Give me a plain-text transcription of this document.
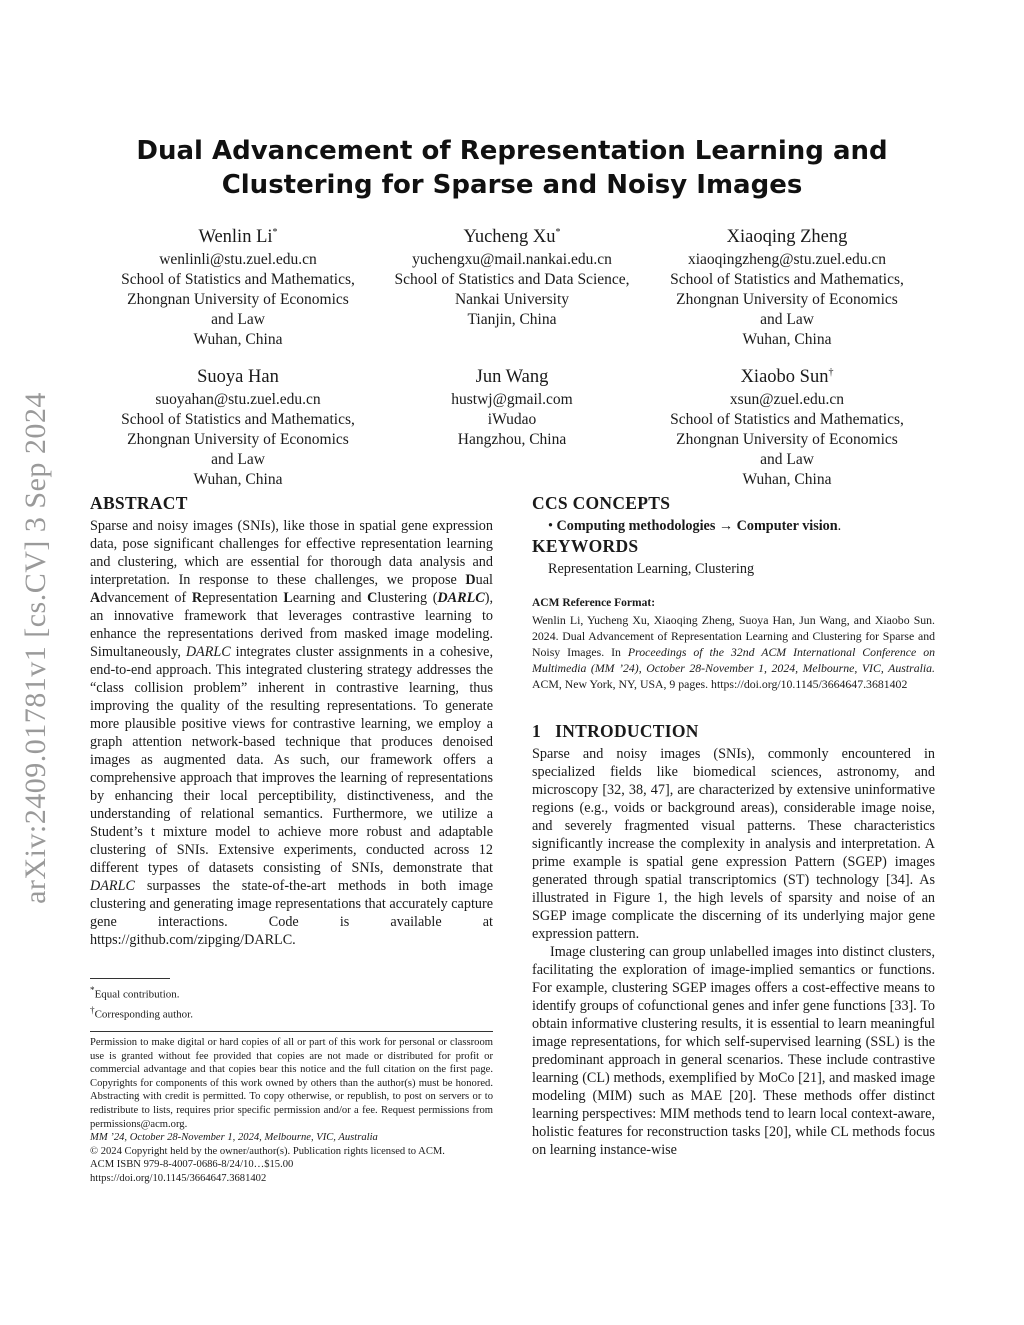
arXiv:2409.01781v1 [cs.CV] 3 Sep 2024
Dual Advancement of Representation Learning and Clustering for Sparse and Noisy Images
Wenlin Li*
wenlinli@stu.zuel.edu.cn
School of Statistics and Mathematics,
Zhongnan University of Economics
and Law
Wuhan, China
Yucheng Xu*
yuchengxu@mail.nankai.edu.cn
School of Statistics and Data Science,
Nankai University
Tianjin, China
Xiaoqing Zheng
xiaoqingzheng@stu.zuel.edu.cn
School of Statistics and Mathematics,
Zhongnan University of Economics
and Law
Wuhan, China
Suoya Han
suoyahan@stu.zuel.edu.cn
School of Statistics and Mathematics,
Zhongnan University of Economics
and Law
Wuhan, China
Jun Wang
hustwj@gmail.com
iWudao
Hangzhou, China
Xiaobo Sun†
xsun@zuel.edu.cn
School of Statistics and Mathematics,
Zhongnan University of Economics
and Law
Wuhan, China
ABSTRACT

Sparse and noisy images (SNIs), like those in spatial gene expression data, pose significant challenges for effective representation learning and clustering, which are essential for thorough data analysis and interpretation. In response to these challenges, we propose Dual Advancement of Representation Learning and Clustering (DARLC), an innovative framework that leverages contrastive learning to enhance the representations derived from masked image modeling. Simultaneously, DARLC integrates cluster assignments in a cohesive, end-to-end approach. This integrated clustering strategy addresses the “class collision problem” inherent in contrastive learning, thus improving the quality of the resulting representations. To generate more plausible positive views for contrastive learning, we employ a graph attention network-based technique that produces denoised images as augmented data. As such, our framework offers a comprehensive approach that improves the learning of representations by enhancing their local perceptibility, distinctiveness, and the understanding of relational semantics. Furthermore, we utilize a Student’s t mixture model to achieve more robust and adaptable clustering of SNIs. Extensive experiments, conducted across 12 different types of datasets consisting of SNIs, demonstrate that DARLC surpasses the state-of-the-art methods in both image clustering and generating image representations that accurately capture gene interactions. Code is available at https://github.com/zipging/DARLC.

*Equal contribution.
†Corresponding author.
Permission to make digital or hard copies of all or part of this work for personal or classroom use is granted without fee provided that copies are not made or distributed for profit or commercial advantage and that copies bear this notice and the full citation on the first page. Copyrights for components of this work owned by others than the author(s) must be honored. Abstracting with credit is permitted. To copy otherwise, or republish, to post on servers or to redistribute to lists, requires prior specific permission and/or a fee. Request permissions from permissions@acm.org.
MM ’24, October 28-November 1, 2024, Melbourne, VIC, Australia
© 2024 Copyright held by the owner/author(s). Publication rights licensed to ACM.
ACM ISBN 979-8-4007-0686-8/24/10…$15.00
https://doi.org/10.1145/3664647.3681402
CCS CONCEPTS
• Computing methodologies → Computer vision.
KEYWORDS
Representation Learning, Clustering
ACM Reference Format:
Wenlin Li, Yucheng Xu, Xiaoqing Zheng, Suoya Han, Jun Wang, and Xiaobo Sun. 2024. Dual Advancement of Representation Learning and Clustering for Sparse and Noisy Images. In Proceedings of the 32nd ACM International Conference on Multimedia (MM ’24), October 28-November 1, 2024, Melbourne, VIC, Australia. ACM, New York, NY, USA, 9 pages. https://doi.org/10.1145/3664647.3681402
1 INTRODUCTION

Sparse and noisy images (SNIs), commonly encountered in specialized fields like biomedical sciences, astronomy, and microscopy [32, 38, 47], are characterized by extensive uninformative regions (e.g., voids or background areas), considerable image noise, and severely fragmented visual patterns. These characteristics significantly increase the complexity in analysis and interpretation. A prime example is spatial gene expression Pattern (SGEP) images generated through spatial transcriptomics (ST) technology [34]. As illustrated in Figure 1, the high levels of sparsity and noise of an SGEP image complicate the discerning of its underlying major gene expression pattern.

Image clustering can group unlabelled images into distinct clusters, facilitating the exploration of image-implied semantics or functions. For example, clustering SGEP images offers a cost-effective means to identify groups of cofunctional genes and infer gene functions [33]. To obtain informative clustering results, it is essential to learn meaningful image representations, for which self-supervised learning (SSL) is the predominant approach in general scenarios. These include contrastive learning (CL) methods, exemplified by MoCo [21], and masked image modeling (MIM) such as MAE [20]. These methods offer distinct learning perspectives: MIM methods tend to learn local context-aware, holistic features for reconstruction tasks [20], while CL methods focus on learning instance-wise
